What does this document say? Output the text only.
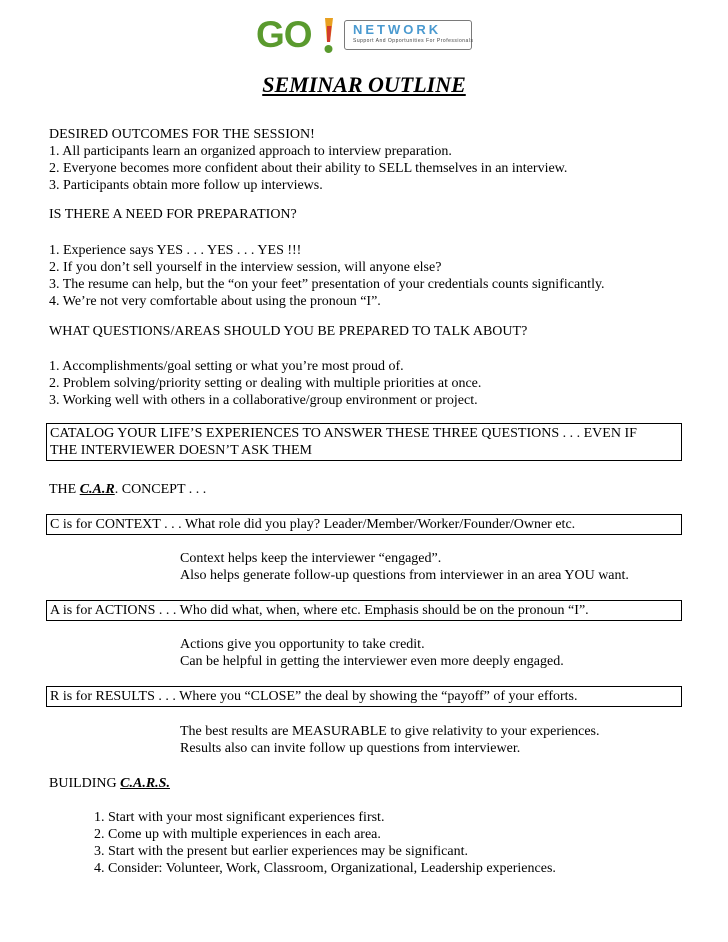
GO	NETWORK
Support And Opportunities For Professionals
SEMINAR OUTLINE
DESIRED OUTCOMES FOR THE SESSION!
1. All participants learn an organized approach to interview preparation.
2. Everyone becomes more confident about their ability to SELL themselves in an interview.
3. Participants obtain more follow up interviews.
IS THERE A NEED FOR PREPARATION?
1. Experience says YES . . . YES . . . YES !!!
2. If you don’t sell yourself in the interview session, will anyone else?
3. The resume can help, but the “on your feet” presentation of your credentials counts significantly.
4. We’re not very comfortable about using the pronoun “I”.
WHAT QUESTIONS/AREAS SHOULD YOU BE PREPARED TO TALK ABOUT?
1. Accomplishments/goal setting or what you’re most proud of.
2. Problem solving/priority setting or dealing with multiple priorities at once.
3. Working well with others in a collaborative/group environment or project.
CATALOG YOUR LIFE’S EXPERIENCES TO ANSWER THESE THREE QUESTIONS . . . EVEN IF
THE INTERVIEWER DOESN’T ASK THEM
THE C.A.R. CONCEPT . . .
C is for CONTEXT . . . What role did you play? Leader/Member/Worker/Founder/Owner etc.
Context helps keep the interviewer “engaged”.
Also helps generate follow-up questions from interviewer in an area YOU want.
A is for ACTIONS . . . Who did what, when, where etc. Emphasis should be on the pronoun “I”.
Actions give you opportunity to take credit.
Can be helpful in getting the interviewer even more deeply engaged.
R is for RESULTS . . . Where you “CLOSE” the deal by showing the “payoff” of your efforts.
The best results are MEASURABLE to give relativity to your experiences.
Results also can invite follow up questions from interviewer.
BUILDING C.A.R.S.
1. Start with your most significant experiences first.
2. Come up with multiple experiences in each area.
3. Start with the present but earlier experiences may be significant.
4. Consider: Volunteer, Work, Classroom, Organizational, Leadership experiences.
